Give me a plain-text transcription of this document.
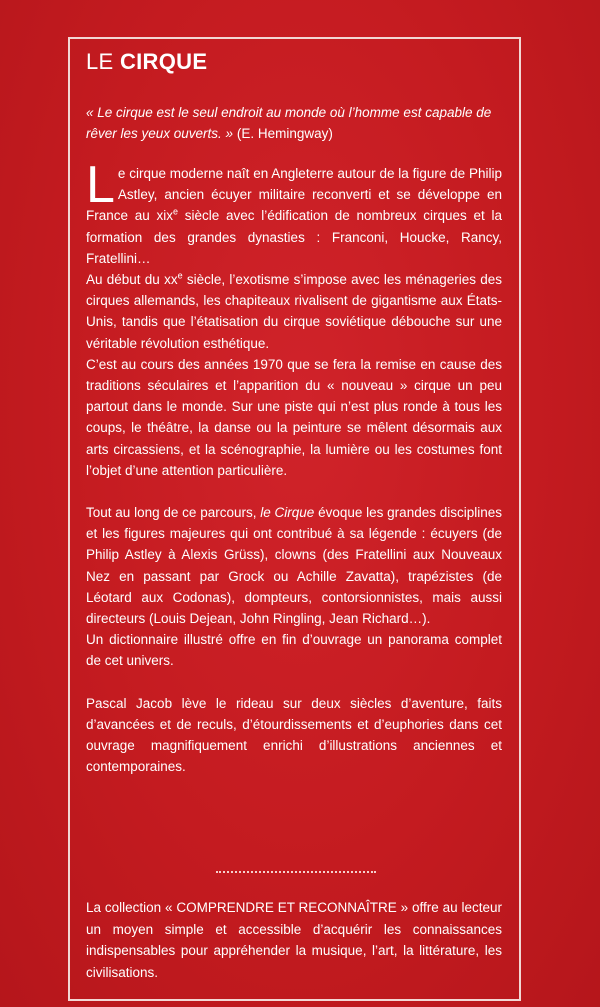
LE CIRQUE

« Le cirque est le seul endroit au monde où l’homme est capable de rêver les yeux ouverts. » (E. Hemingway)

Le cirque moderne naît en Angleterre autour de la figure de Philip Astley, ancien écuyer militaire reconverti et se développe en France au xix$^e$ siècle avec l’édification de nombreux cirques et la formation des grandes dynasties : Franconi, Houcke, Rancy, Fratellini…

Au début du $xx^e$ siècle, l’exotisme s’impose avec les ménageries des cirques allemands, les chapiteaux rivalisent de gigantisme aux États-Unis, tandis que l’étatisation du cirque soviétique débouche sur une véritable révolution esthétique.

C’est au cours des années 1970 que se fera la remise en cause des traditions séculaires et l’apparition du « nouveau » cirque un peu partout dans le monde. Sur une piste qui n’est plus ronde à tous les coups, le théâtre, la danse ou la peinture se mêlent désormais aux arts circassiens, et la scénographie, la lumière ou les costumes font l’objet d’une attention particulière.

Tout au long de ce parcours, le Cirque évoque les grandes disciplines et les figures majeures qui ont contribué à sa légende : écuyers (de Philip Astley à Alexis Grüss), clowns (des Fratellini aux Nouveaux Nez en passant par Grock ou Achille Zavatta), trapézistes (de Léotard aux Codonas), dompteurs, contorsionnistes, mais aussi directeurs (Louis Dejean, John Ringling, Jean Richard…).

Un dictionnaire illustré offre en fin d’ouvrage un panorama complet de cet univers.

Pascal Jacob lève le rideau sur deux siècles d’aventure, faits d’avancées et de reculs, d’étourdissements et d’euphories dans cet ouvrage magnifiquement enrichi d’illustrations anciennes et contemporaines.

La collection « COMPRENDRE ET RECONNAÎTRE » offre au lecteur un moyen simple et accessible d’acquérir les connaissances indispensables pour appréhender la musique, l’art, la littérature, les civilisations.
